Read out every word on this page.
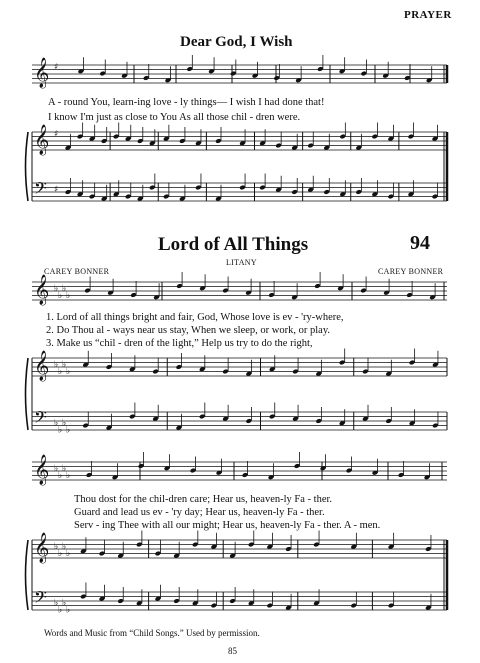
PRAYER
Dear God, I Wish
𝄞 ♯
𝄞
𝄢
♯
♯
𝄞 ♭
♭
♭
♭
𝄞
𝄢
♭
♭
♭
♭
♭
♭
♭
♭
𝄞 ♭
♭
♭
♭
𝄞
𝄢
♭
♭
♭
♭
♭
♭
♭
♭
A - round You, learn-ing love - ly things— I wish I had done that!
I know I'm just as close to You As all those chil - dren were.
Lord of All Things	94
LITANY
CAREY BONNER	CAREY BONNER
1. Lord of all things bright and fair, God, Whose love is ev - 'ry-where,
2. Do Thou al - ways near us stay, When we sleep, or work, or play.
3. Make us “chil - dren of the light,” Help us try to do the right,
Thou dost for the chil-dren care; Hear us, heaven-ly Fa - ther.
Guard and lead us ev - 'ry day; Hear us, heaven-ly Fa - ther.
Serv - ing Thee with all our might; Hear us, heaven-ly Fa - ther. A - men.
Words and Music from “Child Songs.” Used by permission.
85
